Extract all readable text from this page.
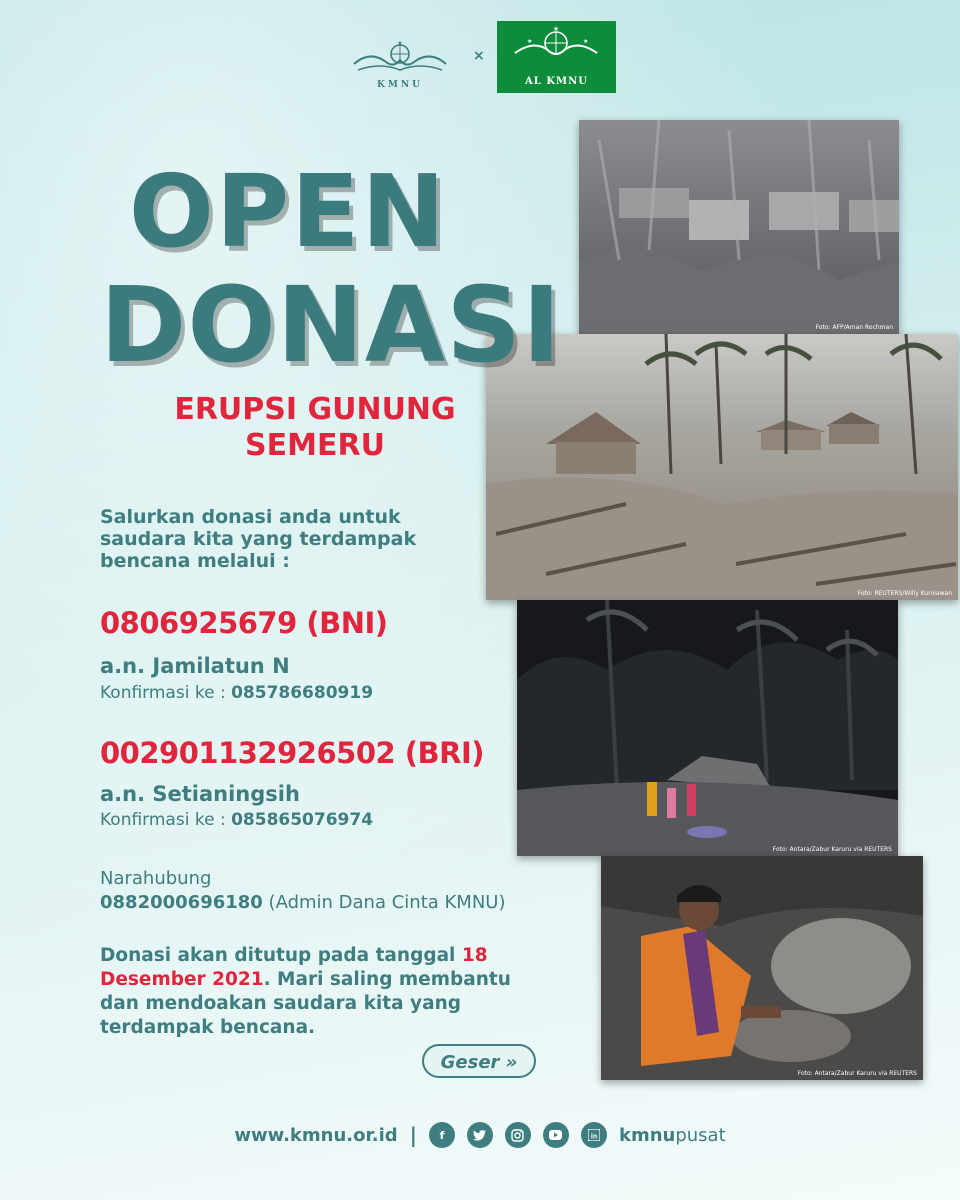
★
KMNU
×
★
★	★
AL KMNU
Foto: AFP/Aman Rochman
Foto: REUTERS/Willy Kurniawan
Foto: Antara/Zabur Karuru via REUTERS
Foto: Antara/Zabur Karuru via REUTERS
OPEN
DONASI
ERUPSI GUNUNG
SEMERU
Salurkan donasi anda untuk saudara kita yang terdampak bencana melalui :
0806925679 (BNI)
a.n. Jamilatun N
Konfirmasi ke : 085786680919
002901132926502 (BRI)
a.n. Setianingsih
Konfirmasi ke : 085865076974
Narahubung
0882000696180 (Admin Dana Cinta KMNU)
Donasi akan ditutup pada tanggal 18 Desember 2021. Mari saling membantu dan mendoakan saudara kita yang terdampak bencana.
Geser »
www.kmnu.or.id |	f	in kmnupusat
